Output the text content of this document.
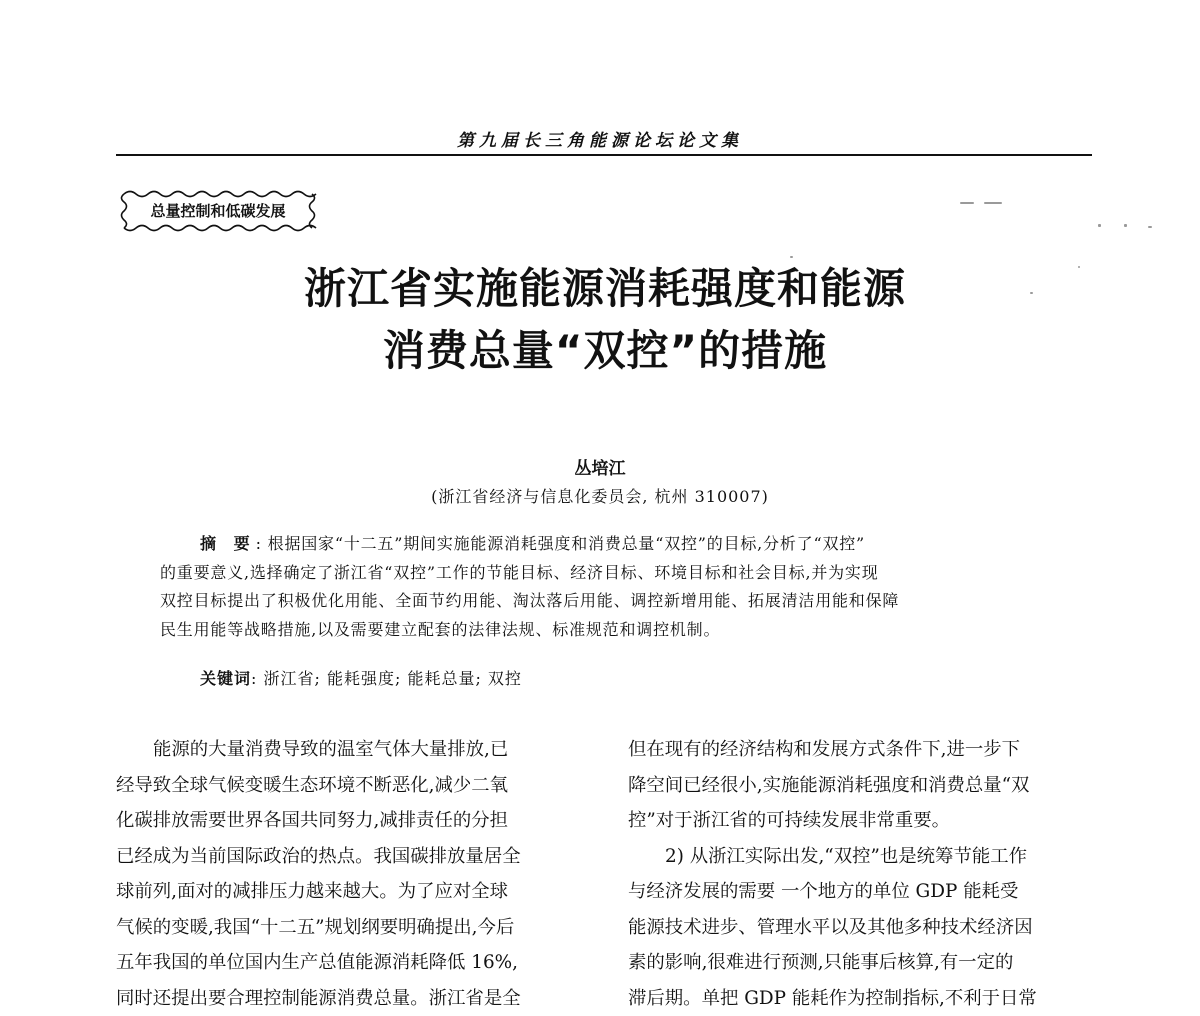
第九届长三角能源论坛论文集
总量控制和低碳发展
浙江省实施能源消耗强度和能源
消费总量“双控”的措施
丛培江
(浙江省经济与信息化委员会, 杭州 310007)
摘 要: 根据国家“十二五”期间实施能源消耗强度和消费总量“双控”的目标,分析了“双控”
的重要意义,选择确定了浙江省“双控”工作的节能目标、经济目标、环境目标和社会目标,并为实现
双控目标提出了积极优化用能、全面节约用能、淘汰落后用能、调控新增用能、拓展清洁用能和保障
民生用能等战略措施,以及需要建立配套的法律法规、标准规范和调控机制。
关键词: 浙江省; 能耗强度; 能耗总量; 双控
能源的大量消费导致的温室气体大量排放,已
经导致全球气候变暖生态环境不断恶化,减少二氧
化碳排放需要世界各国共同努力,减排责任的分担
已经成为当前国际政治的热点。我国碳排放量居全
球前列,面对的减排压力越来越大。为了应对全球
气候的变暖,我国“十二五”规划纲要明确提出,今后
五年我国的单位国内生产总值能源消耗降低 16%,
同时还提出要合理控制能源消费总量。浙江省是全
但在现有的经济结构和发展方式条件下,进一步下
降空间已经很小,实施能源消耗强度和消费总量“双
控”对于浙江省的可持续发展非常重要。
2) 从浙江实际出发,“双控”也是统筹节能工作
与经济发展的需要 一个地方的单位 GDP 能耗受
能源技术进步、管理水平以及其他多种技术经济因
素的影响,很难进行预测,只能事后核算,有一定的
滞后期。单把 GDP 能耗作为控制指标,不利于日常
